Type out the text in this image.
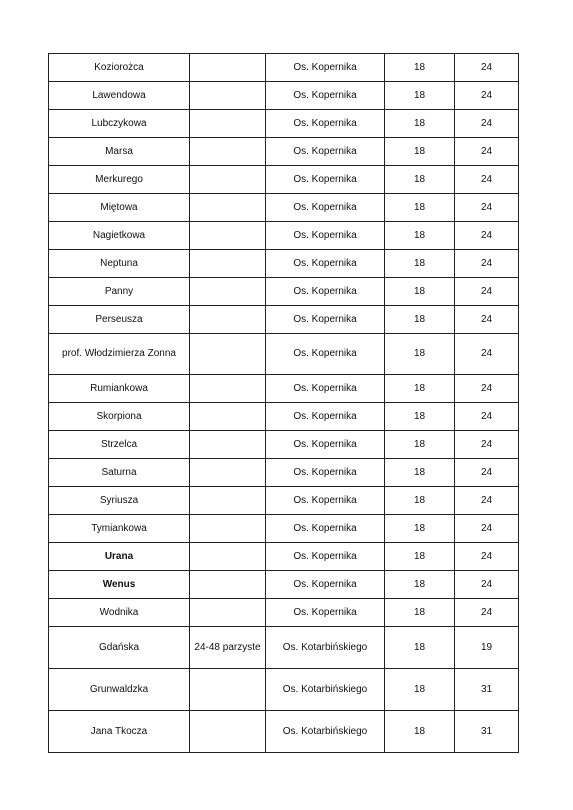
Koziorożca		Os. Kopernika	18	24
Lawendowa		Os. Kopernika	18	24
Lubczykowa		Os. Kopernika	18	24
Marsa		Os. Kopernika	18	24
Merkurego		Os. Kopernika	18	24
Miętowa		Os. Kopernika	18	24
Nagietkowa		Os. Kopernika	18	24
Neptuna		Os. Kopernika	18	24
Panny		Os. Kopernika	18	24
Perseusza		Os. Kopernika	18	24
prof. Włodzimierza Zonna		Os. Kopernika	18	24
Rumiankowa		Os. Kopernika	18	24
Skorpiona		Os. Kopernika	18	24
Strzelca		Os. Kopernika	18	24
Saturna		Os. Kopernika	18	24
Syriusza		Os. Kopernika	18	24
Tymiankowa		Os. Kopernika	18	24
Urana		Os. Kopernika	18	24
Wenus		Os. Kopernika	18	24
Wodnika		Os. Kopernika	18	24
Gdańska	24-48 parzyste	Os. Kotarbińskiego	18	19
Grunwaldzka		Os. Kotarbińskiego	18	31
Jana Tkocza		Os. Kotarbińskiego	18	31
